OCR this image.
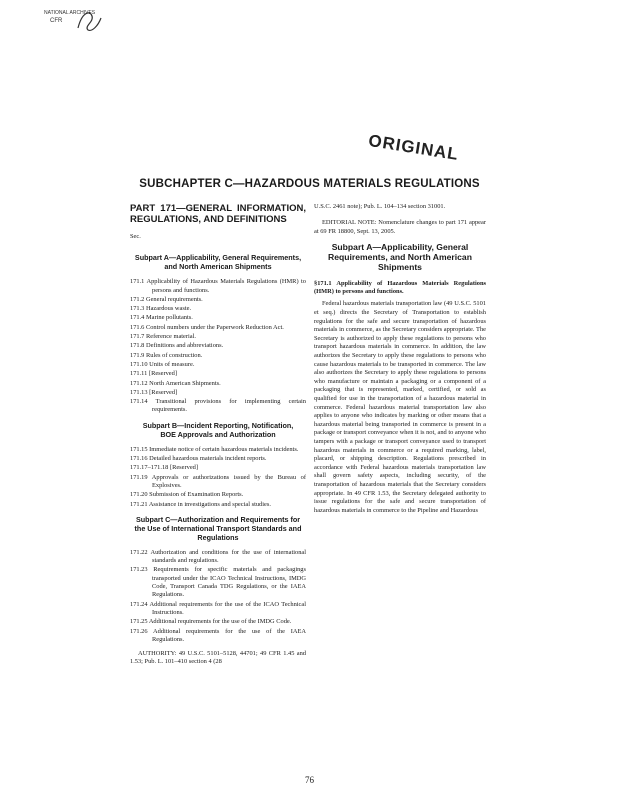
NATIONAL ARCHIVES
CFR
ORIGINAL
SUBCHAPTER C—HAZARDOUS MATERIALS REGULATIONS
PART 171—GENERAL INFORMATION, REGULATIONS, AND DEFINITIONS
Sec.
Subpart A—Applicability, General Requirements, and North American Shipments
171.1 Applicability of Hazardous Materials Regulations (HMR) to persons and functions.
171.2 General requirements.
171.3 Hazardous waste.
171.4 Marine pollutants.
171.6 Control numbers under the Paperwork Reduction Act.
171.7 Reference material.
171.8 Definitions and abbreviations.
171.9 Rules of construction.
171.10 Units of measure.
171.11 [Reserved]
171.12 North American Shipments.
171.13 [Reserved]
171.14 Transitional provisions for implementing certain requirements.
Subpart B—Incident Reporting, Notification, BOE Approvals and Authorization
171.15 Immediate notice of certain hazardous materials incidents.
171.16 Detailed hazardous materials incident reports.
171.17–171.18 [Reserved]
171.19 Approvals or authorizations issued by the Bureau of Explosives.
171.20 Submission of Examination Reports.
171.21 Assistance in investigations and special studies.
Subpart C—Authorization and Requirements for the Use of International Transport Standards and Regulations
171.22 Authorization and conditions for the use of international standards and regulations.
171.23 Requirements for specific materials and packagings transported under the ICAO Technical Instructions, IMDG Code, Transport Canada TDG Regulations, or the IAEA Regulations.
171.24 Additional requirements for the use of the ICAO Technical Instructions.
171.25 Additional requirements for the use of the IMDG Code.
171.26 Additional requirements for the use of the IAEA Regulations.
AUTHORITY: 49 U.S.C. 5101–5128, 44701; 49 CFR 1.45 and 1.53; Pub. L. 101–410 section 4 (28
U.S.C. 2461 note); Pub. L. 104–134 section 31001.
EDITORIAL NOTE: Nomenclature changes to part 171 appear at 69 FR 18800, Sept. 13, 2005.
Subpart A—Applicability, General Requirements, and North American Shipments
§171.1 Applicability of Hazardous Materials Regulations (HMR) to persons and functions.

Federal hazardous materials transportation law (49 U.S.C. 5101 et seq.) directs the Secretary of Transportation to establish regulations for the safe and secure transportation of hazardous materials in commerce, as the Secretary considers appropriate. The Secretary is authorized to apply these regulations to persons who transport hazardous materials in commerce. In addition, the law authorizes the Secretary to apply these regulations to persons who cause hazardous materials to be transported in commerce. The law also authorizes the Secretary to apply these regulations to persons who manufacture or maintain a packaging or a component of a packaging that is represented, marked, certified, or sold as qualified for use in the transportation of a hazardous material in commerce. Federal hazardous material transportation law also applies to anyone who indicates by marking or other means that a hazardous material being transported in commerce is present in a package or transport conveyance when it is not, and to anyone who tampers with a package or transport conveyance used to transport hazardous materials in commerce or a required marking, label, placard, or shipping description. Regulations prescribed in accordance with Federal hazardous materials transportation law shall govern safety aspects, including security, of the transportation of hazardous materials that the Secretary considers appropriate. In 49 CFR 1.53, the Secretary delegated authority to issue regulations for the safe and secure transportation of hazardous materials in commerce to the Pipeline and Hazardous

76
